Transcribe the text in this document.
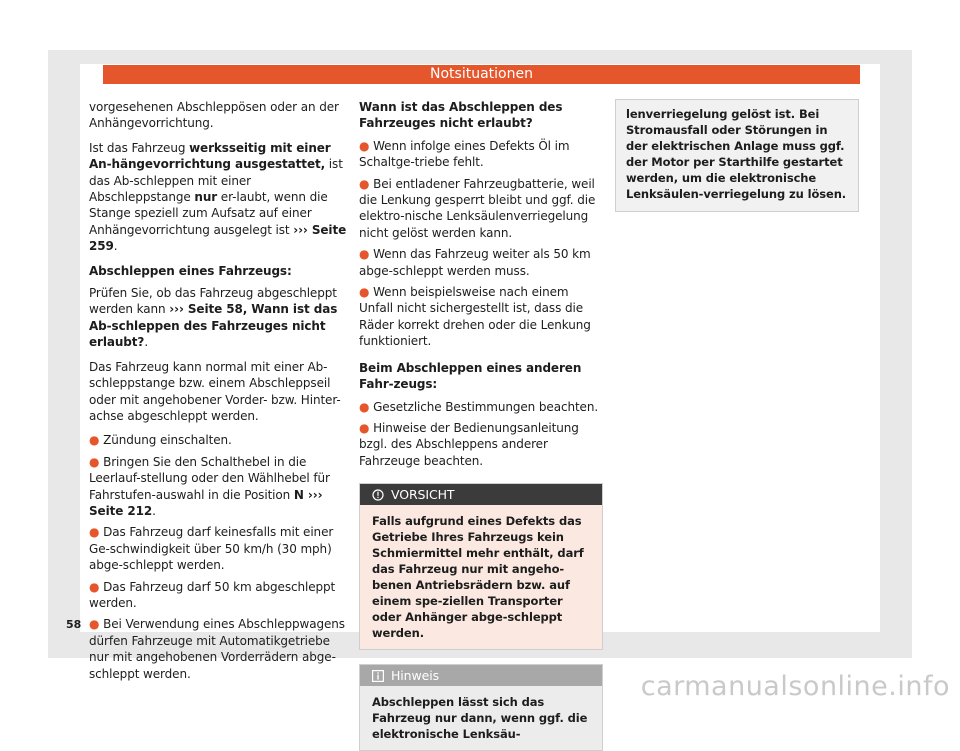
Notsituationen
vorgesehenen Abschleppösen oder an der Anhängevorrichtung.
Ist das Fahrzeug werksseitig mit einer An-hängevorrichtung ausgestattet, ist das Ab-schleppen mit einer Abschleppstange nur er-laubt, wenn die Stange speziell zum Aufsatz auf einer Anhängevorrichtung ausgelegt ist ››› Seite 259.
Abschleppen eines Fahrzeugs:
Prüfen Sie, ob das Fahrzeug abgeschleppt werden kann ››› Seite 58, Wann ist das Ab-schleppen des Fahrzeuges nicht erlaubt?.
Das Fahrzeug kann normal mit einer Ab-schleppstange bzw. einem Abschleppseil oder mit angehobener Vorder- bzw. Hinter-achse abgeschleppt werden.
● Zündung einschalten.
● Bringen Sie den Schalthebel in die Leerlauf-stellung oder den Wählhebel für Fahrstufen-auswahl in die Position N ››› Seite 212.
● Das Fahrzeug darf keinesfalls mit einer Ge-schwindigkeit über 50 km/h (30 mph) abge-schleppt werden.
● Das Fahrzeug darf 50 km abgeschleppt werden.
● Bei Verwendung eines Abschleppwagens dürfen Fahrzeuge mit Automatikgetriebe nur mit angehobenen Vorderrädern abge-schleppt werden.
Wann ist das Abschleppen des Fahrzeuges nicht erlaubt?
● Wenn infolge eines Defekts Öl im Schaltge-triebe fehlt.
● Bei entladener Fahrzeugbatterie, weil die Lenkung gesperrt bleibt und ggf. die elektro-nische Lenksäulenverriegelung nicht gelöst werden kann.
● Wenn das Fahrzeug weiter als 50 km abge-schleppt werden muss.
● Wenn beispielsweise nach einem Unfall nicht sichergestellt ist, dass die Räder korrekt drehen oder die Lenkung funktioniert.
Beim Abschleppen eines anderen Fahr-zeugs:
● Gesetzliche Bestimmungen beachten.
● Hinweise der Bedienungsanleitung bzgl. des Abschleppens anderer Fahrzeuge beachten.
VORSICHT
Falls aufgrund eines Defekts das Getriebe Ihres Fahrzeugs kein Schmiermittel mehr enthält, darf das Fahrzeug nur mit angeho-benen Antriebsrädern bzw. auf einem spe-ziellen Transporter oder Anhänger abge-schleppt werden.
Hinweis
Abschleppen lässt sich das Fahrzeug nur dann, wenn ggf. die elektronische Lenksäu-
lenverriegelung gelöst ist. Bei Stromausfall oder Störungen in der elektrischen Anlage muss ggf. der Motor per Starthilfe gestartet werden, um die elektronische Lenksäulen-verriegelung zu lösen.
58
carmanualsonline.info
